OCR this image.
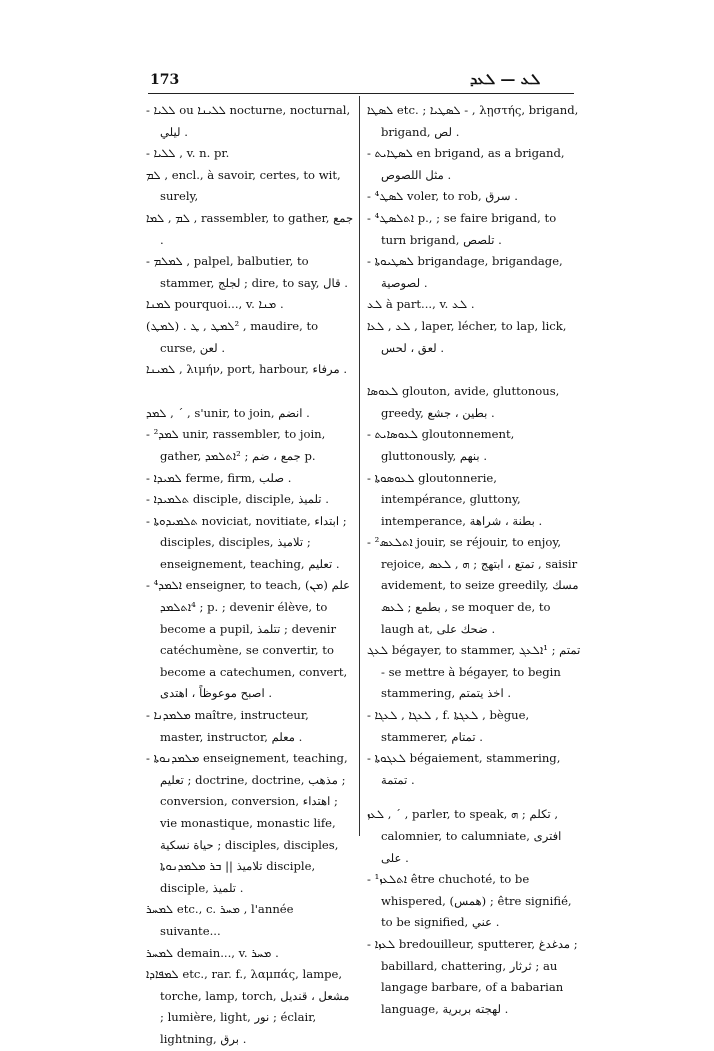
173	ܠܥ — ܠܥܕ

- ܠܠܝܐ ou ܠܠܝܢܐ nocturne, nocturnal, ليلي .

- ܠܠܝܐ , v. n. pr.

ܠܡ , encl., à savoir, certes, to wit, surely,

ܠܡ , ܠܡܐ , rassembler, to gather, جمع .

- ܠܡܠܡ , palpel, balbutier, to stammer, لجلج ; dire, to say, قال .

ܠܡܢܐ pourquoi..., v. ܡܢܐ .

(ܠܡܛ) . ²ܠܡܛ , ܛ , maudire, to curse, لعن .

ܠܡܝܢܐ , λιμήν, port, harbour, مرفاء .

ܠܡܕ , ´ , s'unir, to join, انضم .

- ²ܠܡܕ unir, rassembler, to join, gather, جمع ، ضم ; ²ܐܬܠܡܕ p.

- ܠܡܝܕܐ ferme, firm, صلب .

- ܬܠܡܝܕܐ disciple, disciple, تلميذ .

- ܬܠܡܝܕܘܬܐ noviciat, novitiate, ابتداء ; disciples, disciples, تلاميذ ; enseignement, teaching, تعليم .

- ⁴ܐܠܡܕ enseigner, to teach, علم (ܡܢ) ; ⁴ܐܬܠܡܕ p. ; devenir élève, to become a pupil, تتلمذ ; devenir catéchumène, se convertir, to become a catechumen, convert, اصبح موعوظاً ، اهتدى .

- ܡܠܡܕܢܐ maître, instructeur, master, instructor, معلم .

- ܡܠܡܕܢܘܬܐ enseignement, teaching, تعليم ; doctrine, doctrine, مذهب ; conversion, conversion, اهتداء ; vie monastique, monastic life, حياة نسكية ; disciples, disciples, تلاميذ || ܒܪ ܡܠܡܕܢܘܬܐ disciple, disciple, تلميذ .

ܠܡܚܪ etc., c. ܡܚܪ , l'année suivante...

ܠܡܚܪ demain..., v. ܡܚܪ .

ܠܡܦܐܕܐ etc., rar. f., λαμπάς, lampe, torche, lamp, torch, مشعل ، قنديل ; lumière, light, نور ; éclair, lightning, برق .

ܠܣܛܐ etc. ; ܠܣܛܝܐ - , λῃστής, brigand, brigand, لص .

- ܠܣܛܐܝܬ en brigand, as a brigand, مثل اللصوص .

- ⁴ܠܣܛ voler, to rob, سرق .

- ⁴ܐܬܠܣܛ p., ; se faire brigand, to turn brigand, تلصص .

- ܠܣܛܝܘܬܐ brigandage, brigandage, لصوصية .

ܠܥ à part..., v. ܠܥ .

ܠܥ , ܠܥܐ , laper, lécher, to lap, lick, لعق ، لحس .

ܠܥܘܣܐ glouton, avide, gluttonous, greedy, بطين ، جشع .

- ܠܥܘܣܐܝܬ gloutonnement, gluttonously, بنهم .

- ܠܥܘܣܘܬܐ gloutonnerie, intempérance, gluttony, intemperance, بطنة ، شراهة .

- ²ܐܬܠܥܣ jouir, se réjouir, to enjoy, rejoice, تمتع ، ابتهج ; ܗ , ܠܥܣ , saisir avidement, to seize greedily, مسك بطمع ; ܠܥܣ , se moquer de, to laugh at, ضحك على .

ܠܥܓ bégayer, to stammer, تمتم ; ¹ܐܠܥܓ - se mettre à bégayer, to begin stammering, اخذ يتمتم .

- ܠܥܓܐ , ܠܥܓܐ , f. ܠܥܓܬܐ , bègue, stammerer, تمتام .

- ܠܥܓܘܬܐ bégaiement, stammering, تمتمة .

ܠܥܙ , ´ , parler, to speak, تكلم ; ܗ , calomnier, to calumniate, افترى على .

- ¹ܐܬܠܥܙ être chuchoté, to be whispered, (همس) ; être signifié, to be signified, عني .

- ܠܥܙܐ bredouilleur, sputterer, مدغدغ ; babillard, chattering, ثرثار ; au langage barbare, of a babarian language, لهجته بربرية .
